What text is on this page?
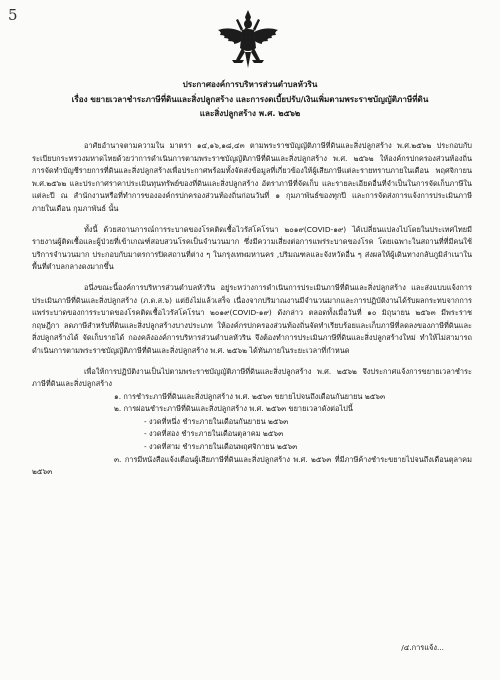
5
ประกาศองค์การบริหารส่วนตำบลหัวริน
เรื่อง ขยายเวลาชำระภาษีที่ดินและสิ่งปลูกสร้าง และการงดเบี้ยปรับ/เงินเพิ่มตามพระราชบัญญัติภาษีที่ดิน
และสิ่งปลูกสร้าง พ.ศ. ๒๕๖๒

อาศัยอำนาจตามความใน มาตรา ๑๔,๑๖,๑๘,๔๓ ตามพระราชบัญญัติภาษีที่ดินและสิ่งปลูกสร้าง พ.ศ.๒๕๖๒ ประกอบกับระเบียบกระทรวงมหาดไทยด้วยว่าการดำเนินการตามพระราชบัญญัติภาษีที่ดินและสิ่งปลูกสร้าง พ.ศ. ๒๕๖๒ ให้องค์กรปกครองส่วนท้องถิ่นการจัดทำบัญชีรายการที่ดินและสิ่งปลูกสร้างเพื่อประกาศพร้อมทั้งจัดส่งข้อมูลที่เกี่ยวข้องให้ผู้เสียภาษีแต่ละรายทราบภายในเดือน พฤศจิกายน พ.ศ.๒๕๖๒ และประกาศราคาประเมินทุนทรัพย์ของที่ดินและสิ่งปลูกสร้าง อัตราภาษีที่จัดเก็บ และรายละเอียดอื่นที่จำเป็นในการจัดเก็บภาษีในแต่ละปี ณ สำนักงานหรือที่ทำการขององค์กรปกครองส่วนท้องถิ่นก่อนวันที่ ๑ กุมภาพันธ์ของทุกปี และการจัดส่งการแจ้งการประเมินภาษีภายในเดือน กุมภาพันธ์ นั้น

ทั้งนี้ ด้วยสถานการณ์การระบาดของโรคติดเชื้อไวรัสโคโรนา ๒๐๑๙(COVID-๑๙) ได้เปลี่ยนแปลงไปโดยในประเทศไทยมีรายงานผู้ติดเชื้อและผู้ป่วยที่เข้าเกณฑ์สอบสวนโรคเป็นจำนวนมาก ซึ่งมีความเสี่ยงต่อการแพร่ระบาดของโรค โดยเฉพาะในสถานที่ที่มีคนใช้บริการจำนวนมาก ประกอบกับมาตรการปิดสถานที่ต่าง ๆ ในกรุงเทพมหานคร ,ปริมณฑลและจังหวัดอื่น ๆ ส่งผลให้ผู้เดินทางกลับภูมิลำเนาในพื้นที่ตำบลกลางดงมากขึ้น

อนึ่งขณะนี้องค์การบริหารส่วนตำบลหัวริน อยู่ระหว่างการดำเนินการประเมินภาษีที่ดินและสิ่งปลูกสร้าง และส่งแบบแจ้งการประเมินภาษีที่ดินและสิ่งปลูกสร้าง (ภ.ด.ส.๖) แต่ยังไม่แล้วเสร็จ เนื่องจากปริมาณงานมีจำนวนมากและการปฏิบัติงานได้รับผลกระทบจากการแพร่ระบาดของการระบาดของโรคติดเชื้อไวรัสโคโรนา ๒๐๑๙(COVID-๑๙) ดังกล่าว ตลอดทั้งเมื่อวันที่ ๑๐ มิถุนายน ๒๕๖๓ มีพระราชกฤษฎีกา ลดภาษีสำหรับที่ดินและสิ่งปลูกสร้างบางประเภท ให้องค์กรปกครองส่วนท้องถิ่นจัดทำเรียบร้อยและเก็บภาษีที่ลดลงของภาษีที่ดินและสิ่งปลูกสร้างได้ จัดเก็บรายได้ กองคลังองค์การบริหารส่วนตำบลหัวริน จึงต้องทำการประเมินภาษีที่ดินและสิ่งปลูกสร้างใหม่ ทำให้ไม่สามารถดำเนินการตามพระราชบัญญัติภาษีที่ดินและสิ่งปลูกสร้าง พ.ศ. ๒๕๖๒ ได้ทันภายในระยะเวลาที่กำหนด

เพื่อให้การปฏิบัติงานเป็นไปตามพระราชบัญญัติภาษีที่ดินและสิ่งปลูกสร้าง พ.ศ. ๒๕๖๒ จึงประกาศแจ้งการขยายเวลาชำระภาษีที่ดินและสิ่งปลูกสร้าง

๑. การชำระภาษีที่ดินและสิ่งปลูกสร้าง พ.ศ. ๒๕๖๓ ขยายไปจนถึงเดือนกันยายน ๒๕๖๓

๒. การผ่อนชำระภาษีที่ดินและสิ่งปลูกสร้าง พ.ศ. ๒๕๖๓ ขยายเวลาดังต่อไปนี้

- งวดที่หนึ่ง ชำระภายในเดือนกันยายน ๒๕๖๓

- งวดที่สอง ชำระภายในเดือนตุลาคม ๒๕๖๓

- งวดที่สาม ชำระภายในเดือนพฤศจิกายน ๒๕๖๓

๓. การมีหนังสือแจ้งเตือนผู้เสียภาษีที่ดินและสิ่งปลูกสร้าง พ.ศ. ๒๕๖๓ ที่มีภาษีค้างชำระขยายไปจนถึงเดือนตุลาคม ๒๕๖๓

/๔.การแจ้ง...
